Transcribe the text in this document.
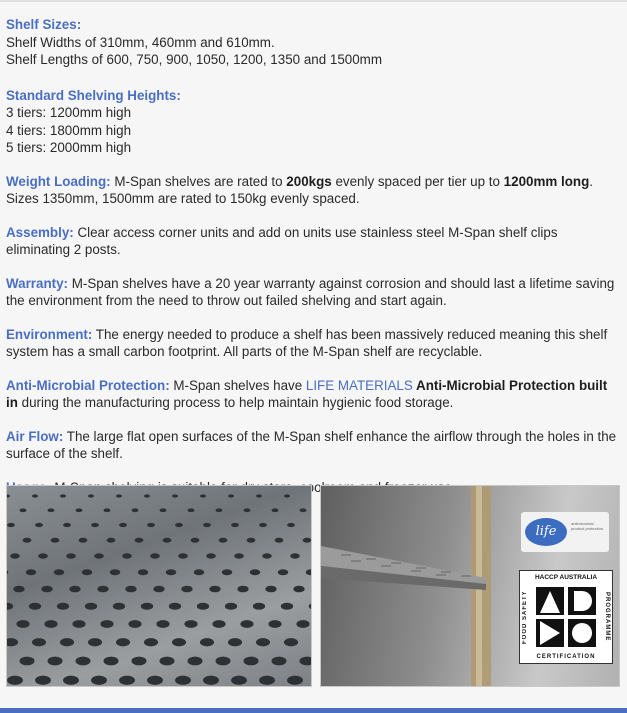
Shelf Sizes:
Shelf Widths of 310mm, 460mm and 610mm.
Shelf Lengths of 600, 750, 900, 1050, 1200, 1350 and 1500mm
Standard Shelving Heights:
3 tiers: 1200mm high
4 tiers: 1800mm high
5 tiers: 2000mm high
Weight Loading: M-Span shelves are rated to 200kgs evenly spaced per tier up to 1200mm long.
Sizes 1350mm, 1500mm are rated to 150kg evenly spaced.
Assembly: Clear access corner units and add on units use stainless steel M-Span shelf clips eliminating 2 posts.
Warranty: M-Span shelves have a 20 year warranty against corrosion and should last a lifetime saving the environment from the need to throw out failed shelving and start again.
Environment: The energy needed to produce a shelf has been massively reduced meaning this shelf system has a small carbon footprint. All parts of the M-Span shelf are recyclable.
Anti-Microbial Protection: M-Span shelves have LIFE MATERIALS Anti-Microbial Protection built in during the manufacturing process to help maintain hygienic food storage.
Air Flow: The large flat open surfaces of the M-Span shelf enhance the airflow through the holes in the surface of the shelf.
life
antimicrobial product protection
HACCP AUSTRALIA
FOOD SAFETY	PROGRAMME
CERTIFICATION
